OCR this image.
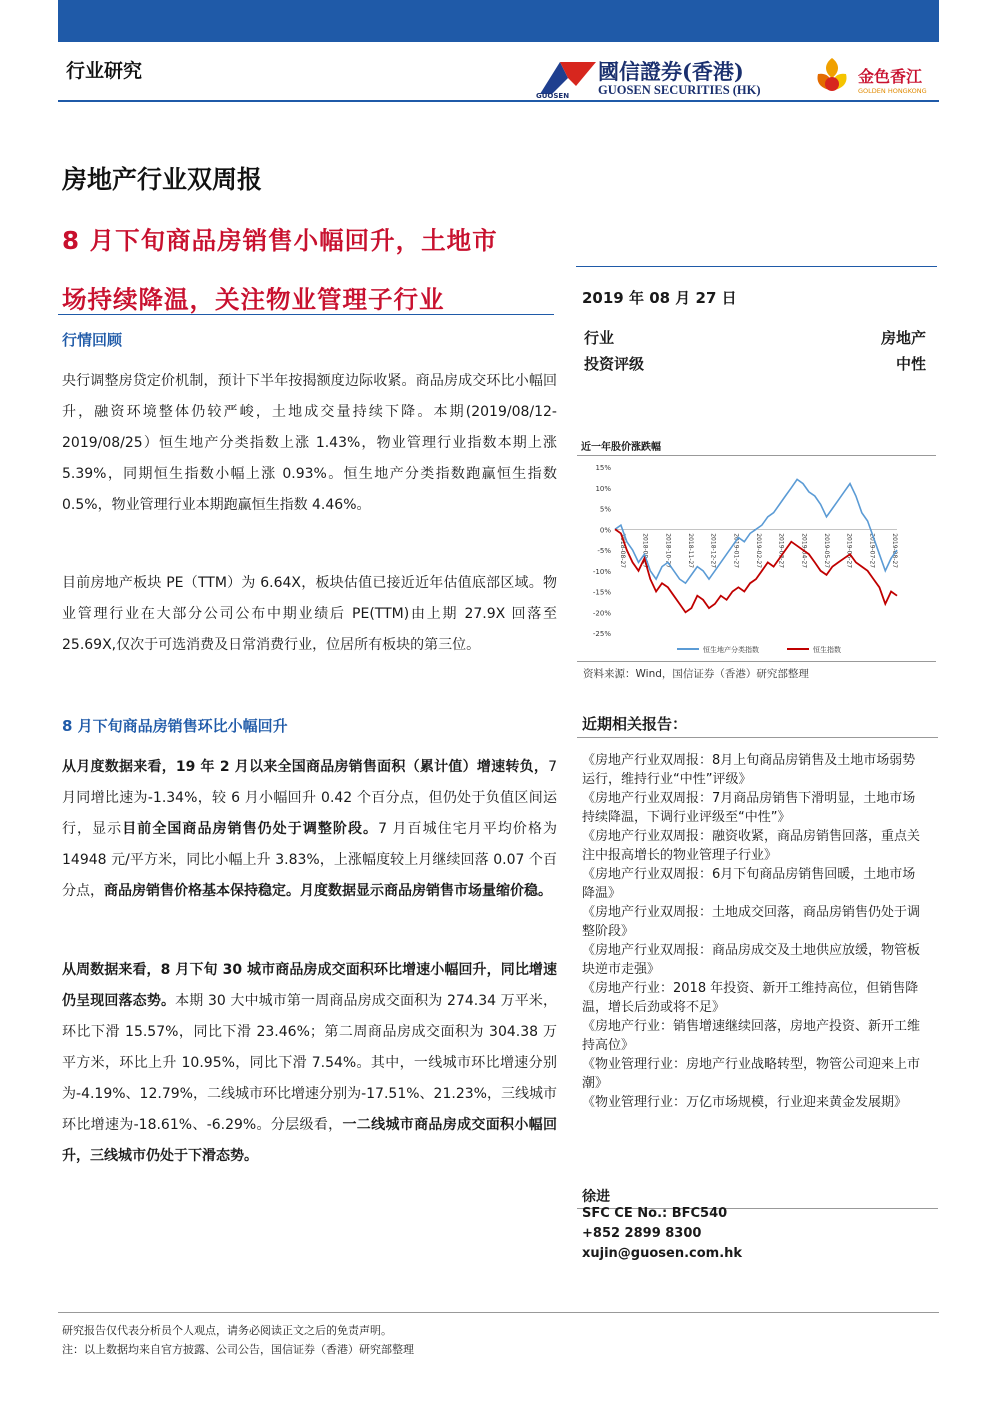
行业研究
GUOSEN
國信證券(香港)
GUOSEN SECURITIES (HK)
金色香江
GOLDEN HONGKONG
房地产行业双周报
8 月下旬商品房销售小幅回升，土地市
场持续降温，关注物业管理子行业	2019 年 08 月 27 日
行业	房地产
投资评级	中性
行情回顾
央行调整房贷定价机制，预计下半年按揭额度边际收紧。商品房成交环比小幅回升，融资环境整体仍较严峻，土地成交量持续下降。本期(2019/08/12-2019/08/25）恒生地产分类指数上涨 1.43%，物业管理行业指数本期上涨 5.39%，同期恒生指数小幅上涨 0.93%。恒生地产分类指数跑赢恒生指数 0.5%，物业管理行业本期跑赢恒生指数 4.46%。
目前房地产板块 PE（TTM）为 6.64X，板块估值已接近近年估值底部区域。物业管理行业在大部分公司公布中期业绩后 PE(TTM)由上期 27.9X 回落至 25.69X,仅次于可选消费及日常消费行业，位居所有板块的第三位。
8 月下旬商品房销售环比小幅回升
从月度数据来看，19 年 2 月以来全国商品房销售面积（累计值）增速转负，7 月同增比速为-1.34%，较 6 月小幅回升 0.42 个百分点，但仍处于负值区间运行，显示目前全国商品房销售仍处于调整阶段。7 月百城住宅月平均价格为 14948 元/平方米，同比小幅上升 3.83%，上涨幅度较上月继续回落 0.07 个百分点，商品房销售价格基本保持稳定。月度数据显示商品房销售市场量缩价稳。
从周数据来看，8 月下旬 30 城市商品房成交面积环比增速小幅回升，同比增速仍呈现回落态势。本期 30 大中城市第一周商品房成交面积为 274.34 万平米，环比下滑 15.57%，同比下滑 23.46%；第二周商品房成交面积为 304.38 万平方米，环比上升 10.95%，同比下滑 7.54%。其中，一线城市环比增速分别为-4.19%、12.79%，二线城市环比增速分别为-17.51%、21.23%，三线城市环比增速为-18.61%、-6.29%。分层级看，一二线城市商品房成交面积小幅回升，三线城市仍处于下滑态势。
近一年股价涨跌幅
15%
10%
5%
0%
-5%
-10%
-15%
-20%
-25%
2018-08-27	2018-09-27	2018-10-27	2018-11-27	2018-12-27	2019-01-27	2019-02-27	2019-03-27	2019-04-27	2019-05-27	2019-06-27	2019-07-27	2019-08-27
恒生地产分类指数	恒生指数
资料来源：Wind，国信证券（香港）研究部整理
近期相关报告：
《房地产行业双周报：8月上旬商品房销售及土地市场弱势运行，维持行业“中性”评级》
《房地产行业双周报：7月商品房销售下滑明显，土地市场持续降温，下调行业评级至“中性”》
《房地产行业双周报：融资收紧，商品房销售回落，重点关注中报高增长的物业管理子行业》
《房地产行业双周报：6月下旬商品房销售回暖，土地市场降温》
《房地产行业双周报：土地成交回落，商品房销售仍处于调整阶段》
《房地产行业双周报：商品房成交及土地供应放缓，物管板块逆市走强》
《房地产行业：2018 年投资、新开工维持高位，但销售降温，增长后劲或将不足》
《房地产行业：销售增速继续回落，房地产投资、新开工维持高位》
《物业管理行业：房地产行业战略转型，物管公司迎来上市潮》
《物业管理行业：万亿市场规模，行业迎来黄金发展期》
徐进
SFC CE No.: BFC540
+852 2899 8300
xujin@guosen.com.hk
研究报告仅代表分析员个人观点，请务必阅读正文之后的免责声明。
注：以上数据均来自官方披露、公司公告，国信证券（香港）研究部整理
